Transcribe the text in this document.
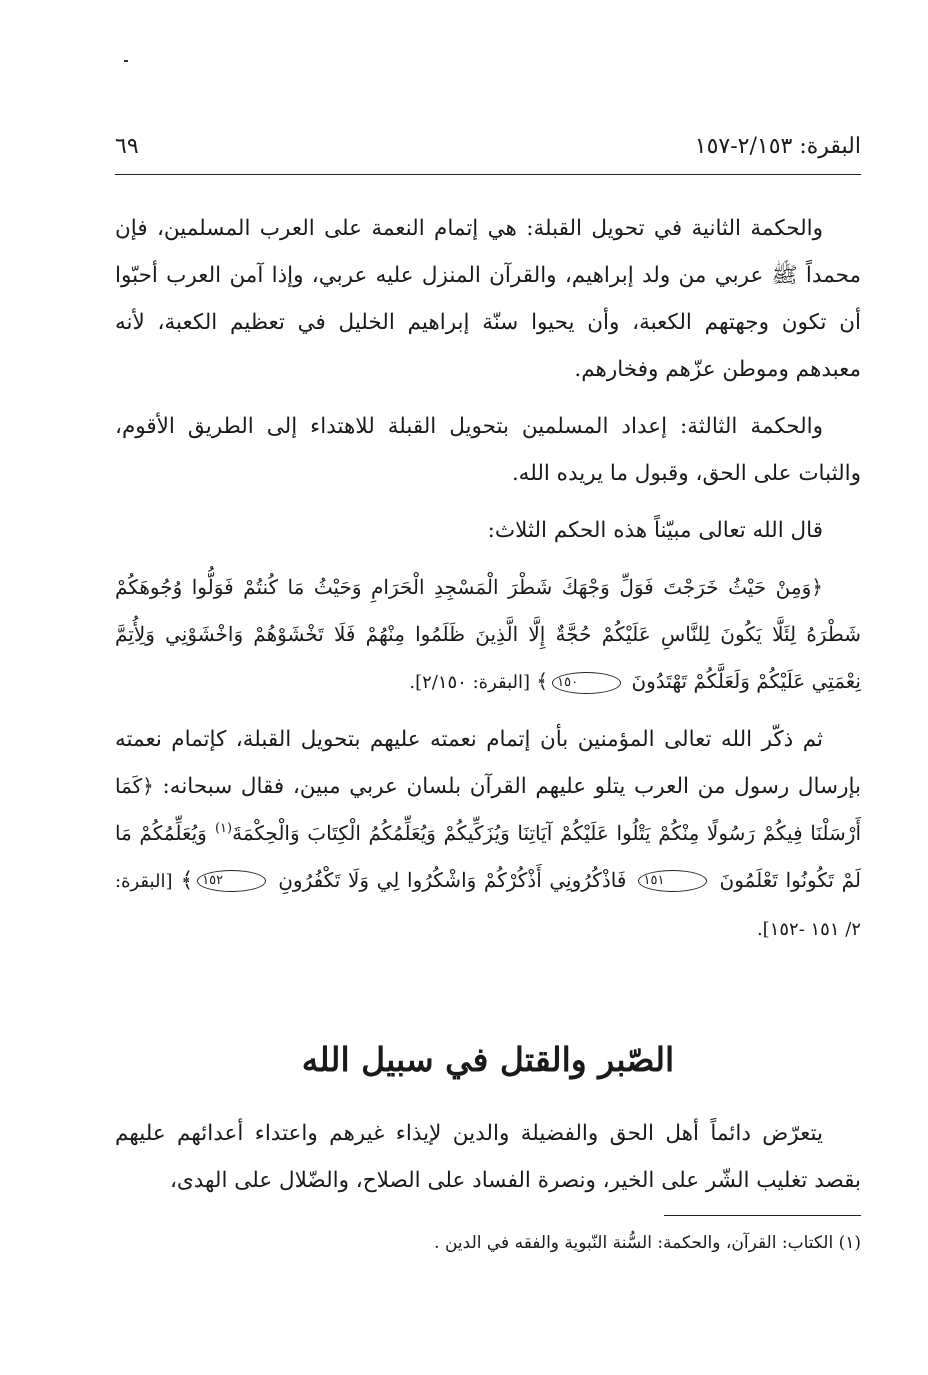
البقرة: ٢/١٥٣-١٥٧
٦٩

والحكمة الثانية في تحويل القبلة: هي إتمام النعمة على العرب المسلمين، فإن محمداً ﷺ عربي من ولد إبراهيم، والقرآن المنزل عليه عربي، وإذا آمن العرب أحبّوا أن تكون وجهتهم الكعبة، وأن يحيوا سنّة إبراهيم الخليل في تعظيم الكعبة، لأنه معبدهم وموطن عزّهم وفخارهم.

والحكمة الثالثة: إعداد المسلمين بتحويل القبلة للاهتداء إلى الطريق الأقوم، والثبات على الحق، وقبول ما يريده الله.

قال الله تعالى مبيّناً هذه الحكم الثلاث:

﴿وَمِنْ حَيْثُ خَرَجْتَ فَوَلِّ وَجْهَكَ شَطْرَ الْمَسْجِدِ الْحَرَامِ وَحَيْثُ مَا كُنتُمْ فَوَلُّوا وُجُوهَكُمْ شَطْرَهُ لِئَلَّا يَكُونَ لِلنَّاسِ عَلَيْكُمْ حُجَّةٌ إِلَّا الَّذِينَ ظَلَمُوا مِنْهُمْ فَلَا تَخْشَوْهُمْ وَاخْشَوْنِي وَلِأُتِمَّ نِعْمَتِي عَلَيْكُمْ وَلَعَلَّكُمْ تَهْتَدُونَ ١٥٠﴾ [البقرة: ٢/١٥٠].

ثم ذكّر الله تعالى المؤمنين بأن إتمام نعمته عليهم بتحويل القبلة، كإتمام نعمته بإرسال رسول من العرب يتلو عليهم القرآن بلسان عربي مبين، فقال سبحانه: ﴿كَمَا أَرْسَلْنَا فِيكُمْ رَسُولًا مِنْكُمْ يَتْلُوا عَلَيْكُمْ آيَاتِنَا وَيُزَكِّيكُمْ وَيُعَلِّمُكُمُ الْكِتَابَ وَالْحِكْمَةَ$^{(١)}$ وَيُعَلِّمُكُمْ مَا لَمْ تَكُونُوا تَعْلَمُونَ ١٥١ فَاذْكُرُونِي أَذْكُرْكُمْ وَاشْكُرُوا لِي وَلَا تَكْفُرُونِ ١٥٢﴾ [البقرة: ٢/ ١٥١ -١٥٢].

الصّبر والقتل في سبيل الله

يتعرّض دائماً أهل الحق والفضيلة والدين لإيذاء غيرهم واعتداء أعدائهم عليهم بقصد تغليب الشّر على الخير، ونصرة الفساد على الصلاح، والضّلال على الهدى،

(١) الكتاب: القرآن، والحكمة: السُّنة النّبوية والفقه في الدين .
